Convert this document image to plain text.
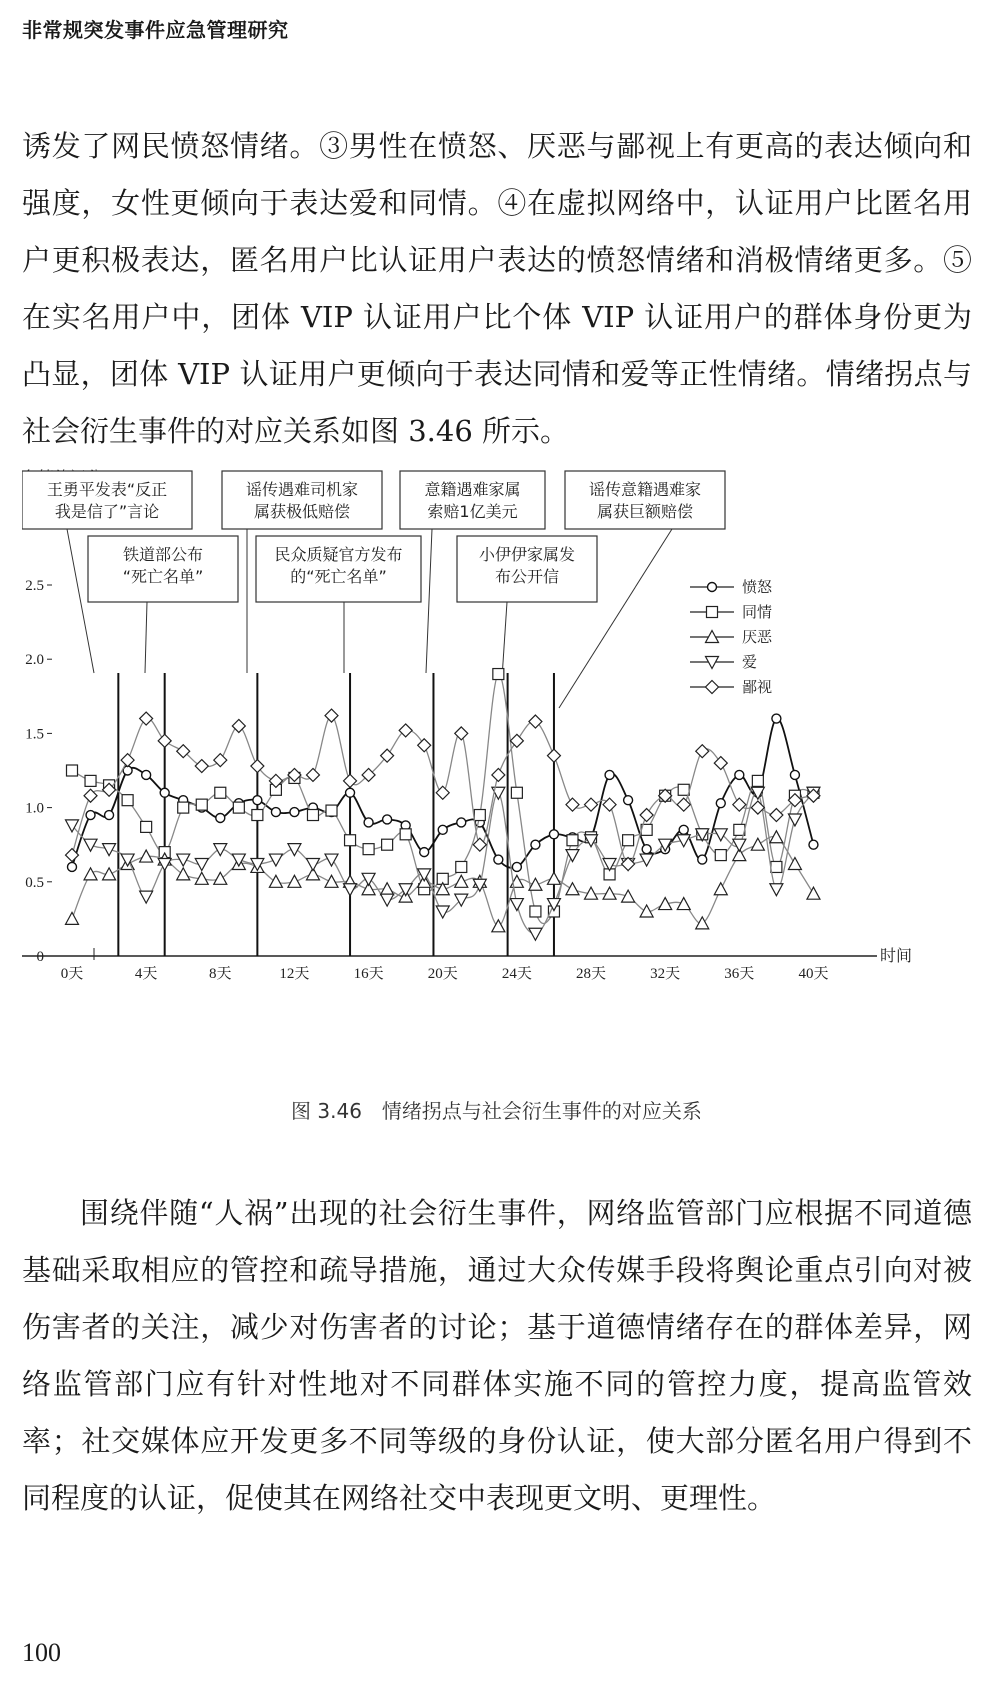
非常规突发事件应急管理研究

诱发了网民愤怒情绪。③男性在愤怒、厌恶与鄙视上有更高的表达倾向和强度，女性更倾向于表达爱和同情。④在虚拟网络中，认证用户比匿名用户更积极表达，匿名用户比认证用户表达的愤怒情绪和消极情绪更多。⑤在实名用户中，团体 VIP 认证用户比个体 VIP 认证用户的群体身份更为凸显，团体 VIP 认证用户更倾向于表达同情和爱等正性情绪。情绪拐点与社会衍生事件的对应关系如图 3.46 所示。

时间
0
0.5
1.0
1.5
2.0
2.5
0天	4天	8天	12天	16天	20天	24天	28天	32天	36天	40天
王勇平发表“反正
我是信了”言论
铁道部公布
“死亡名单”
谣传遇难司机家
属获极低赔偿
民众质疑官方发布
的“死亡名单”
意籍遇难家属
索赔1亿美元
小伊伊家属发
布公开信
谣传意籍遇难家
属获巨额赔偿
愤怒
同情
厌恶
爱
鄙视
图 3.46　情绪拐点与社会衍生事件的对应关系

围绕伴随“人祸”出现的社会衍生事件，网络监管部门应根据不同道德基础采取相应的管控和疏导措施，通过大众传媒手段将舆论重点引向对被伤害者的关注，减少对伤害者的讨论；基于道德情绪存在的群体差异，网络监管部门应有针对性地对不同群体实施不同的管控力度，提高监管效率；社交媒体应开发更多不同等级的身份认证，使大部分匿名用户得到不同程度的认证，促使其在网络社交中表现更文明、更理性。

100
